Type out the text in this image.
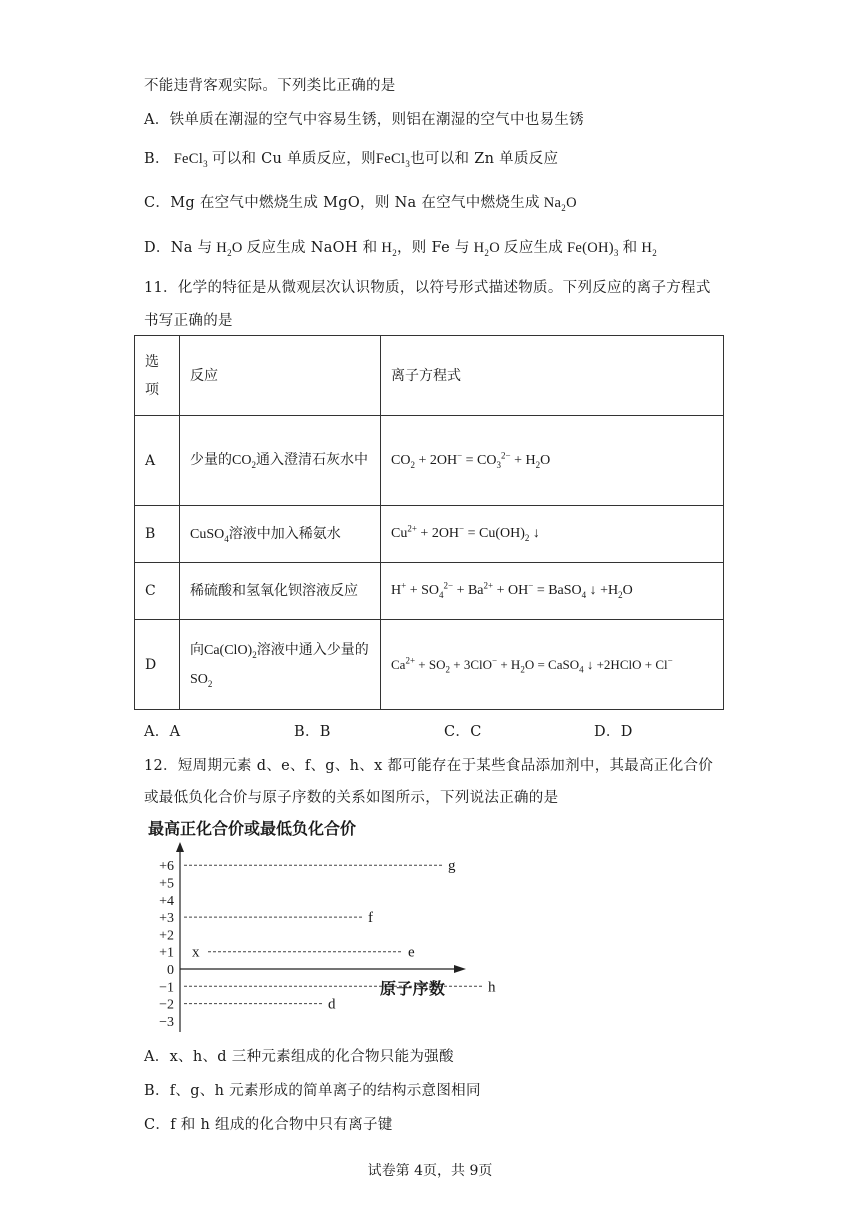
不能违背客观实际。下列类比正确的是
A．铁单质在潮湿的空气中容易生锈，则铝在潮湿的空气中也易生锈
B． FeCl$_3$ 可以和 Cu 单质反应，则FeCl$_3$也可以和 Zn 单质反应
C．Mg 在空气中燃烧生成 MgO，则 Na 在空气中燃烧生成 $Na_2O$
D．Na 与 $H_2O$ 反应生成 NaOH 和 $H_2$，则 Fe 与 $H_2O$ 反应生成 $Fe(OH)_3$ 和 $H_2$
11．化学的特征是从微观层次认识物质，以符号形式描述物质。下列反应的离子方程式
书写正确的是
选项	反应	离子方程式
A	少量的$CO_2$通入澄清石灰水中	$CO_2 + 2OH^- = CO_3^{2-} + H_2O$
B	CuSO$_4$溶液中加入稀氨水	$Cu^{2+} + 2OH^- = Cu(OH)_2$ ↓
C	稀硫酸和氢氧化钡溶液反应	$H^+ + SO_4^{2-} + Ba^{2+} + OH^-$ = BaSO$_4$ ↓ $+H_2O$
D	向$Ca(ClO)_2$溶液中通入少量的$SO_2$	$Ca^{2+} + SO_2 + 3ClO^- + H_2O$ = CaSO$_4$ ↓ +2HClO + Cl−
A．A	B．B	C．C	D．D
12．短周期元素 d、e、f、g、h、x 都可能存在于某些食品添加剂中，其最高正化合价
或最低负化合价与原子序数的关系如图所示，下列说法正确的是
最高正化合价或最低负化合价
+6
+5
+4
+3
+2
+1
0
−1
−2
−3
x	e
f
g
h
d
原子序数
A．x、h、d 三种元素组成的化合物只能为强酸
B．f、g、h 元素形成的简单离子的结构示意图相同
C．f 和 h 组成的化合物中只有离子键
试卷第 4页，共 9页
